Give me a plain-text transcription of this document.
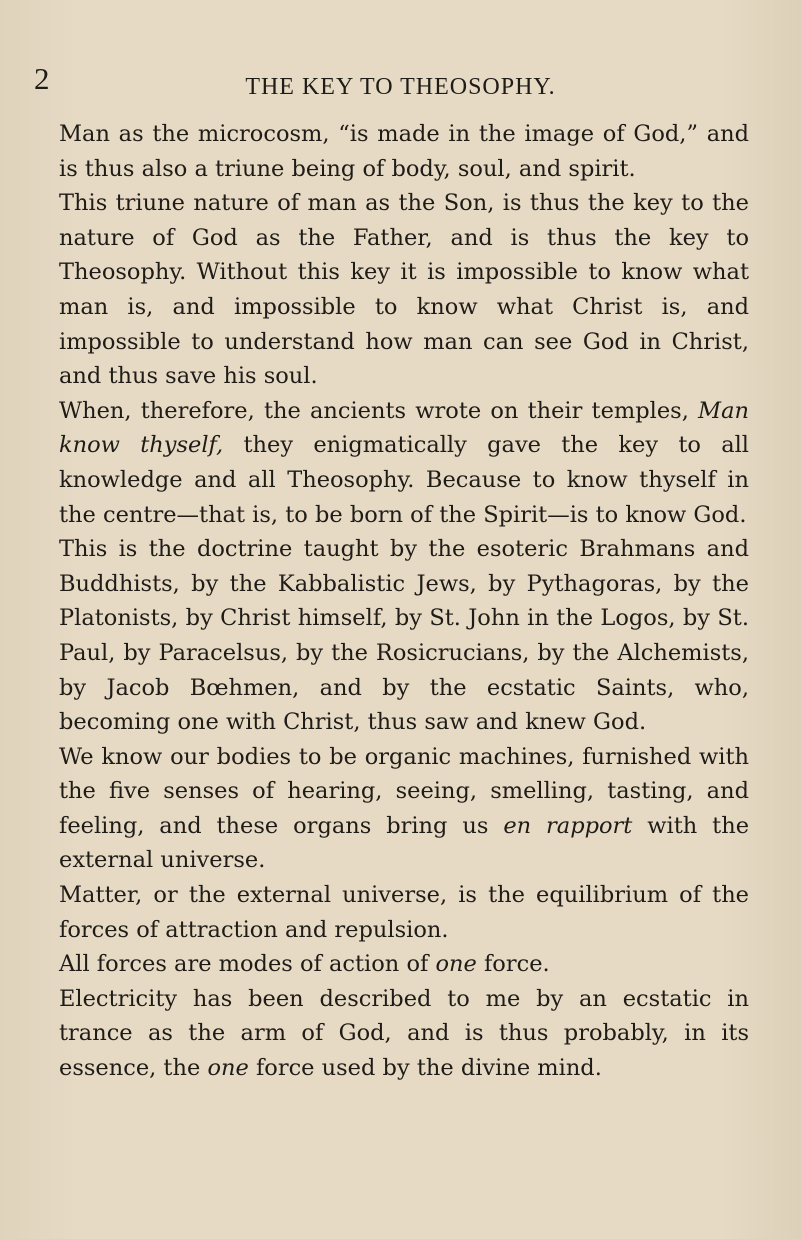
2	THE KEY TO THEOSOPHY.

Man as the microcosm, “is made in the image of God,” and is thus also a triune being of body, soul, and spirit.

This triune nature of man as the Son, is thus the key to the nature of God as the Father, and is thus the key to Theosophy. Without this key it is impossible to know what man is, and impossible to know what Christ is, and impossible to understand how man can see God in Christ, and thus save his soul.

When, therefore, the ancients wrote on their temples, Man know thyself, they enigmatically gave the key to all knowledge and all Theosophy. Because to know thyself in the centre—that is, to be born of the Spirit—is to know God.

This is the doctrine taught by the esoteric Brahmans and Buddhists, by the Kabbalistic Jews, by Pythagoras, by the Platonists, by Christ himself, by St. John in the Logos, by St. Paul, by Paracelsus, by the Rosicrucians, by the Alchemists, by Jacob Bœhmen, and by the ecstatic Saints, who, becoming one with Christ, thus saw and knew God.

We know our bodies to be organic machines, furnished with the five senses of hearing, seeing, smelling, tasting, and feeling, and these organs bring us en rapport with the external universe.

Matter, or the external universe, is the equilibrium of the forces of attraction and repulsion.

All forces are modes of action of one force.

Electricity has been described to me by an ecstatic in trance as the arm of God, and is thus probably, in its essence, the one force used by the divine mind.
